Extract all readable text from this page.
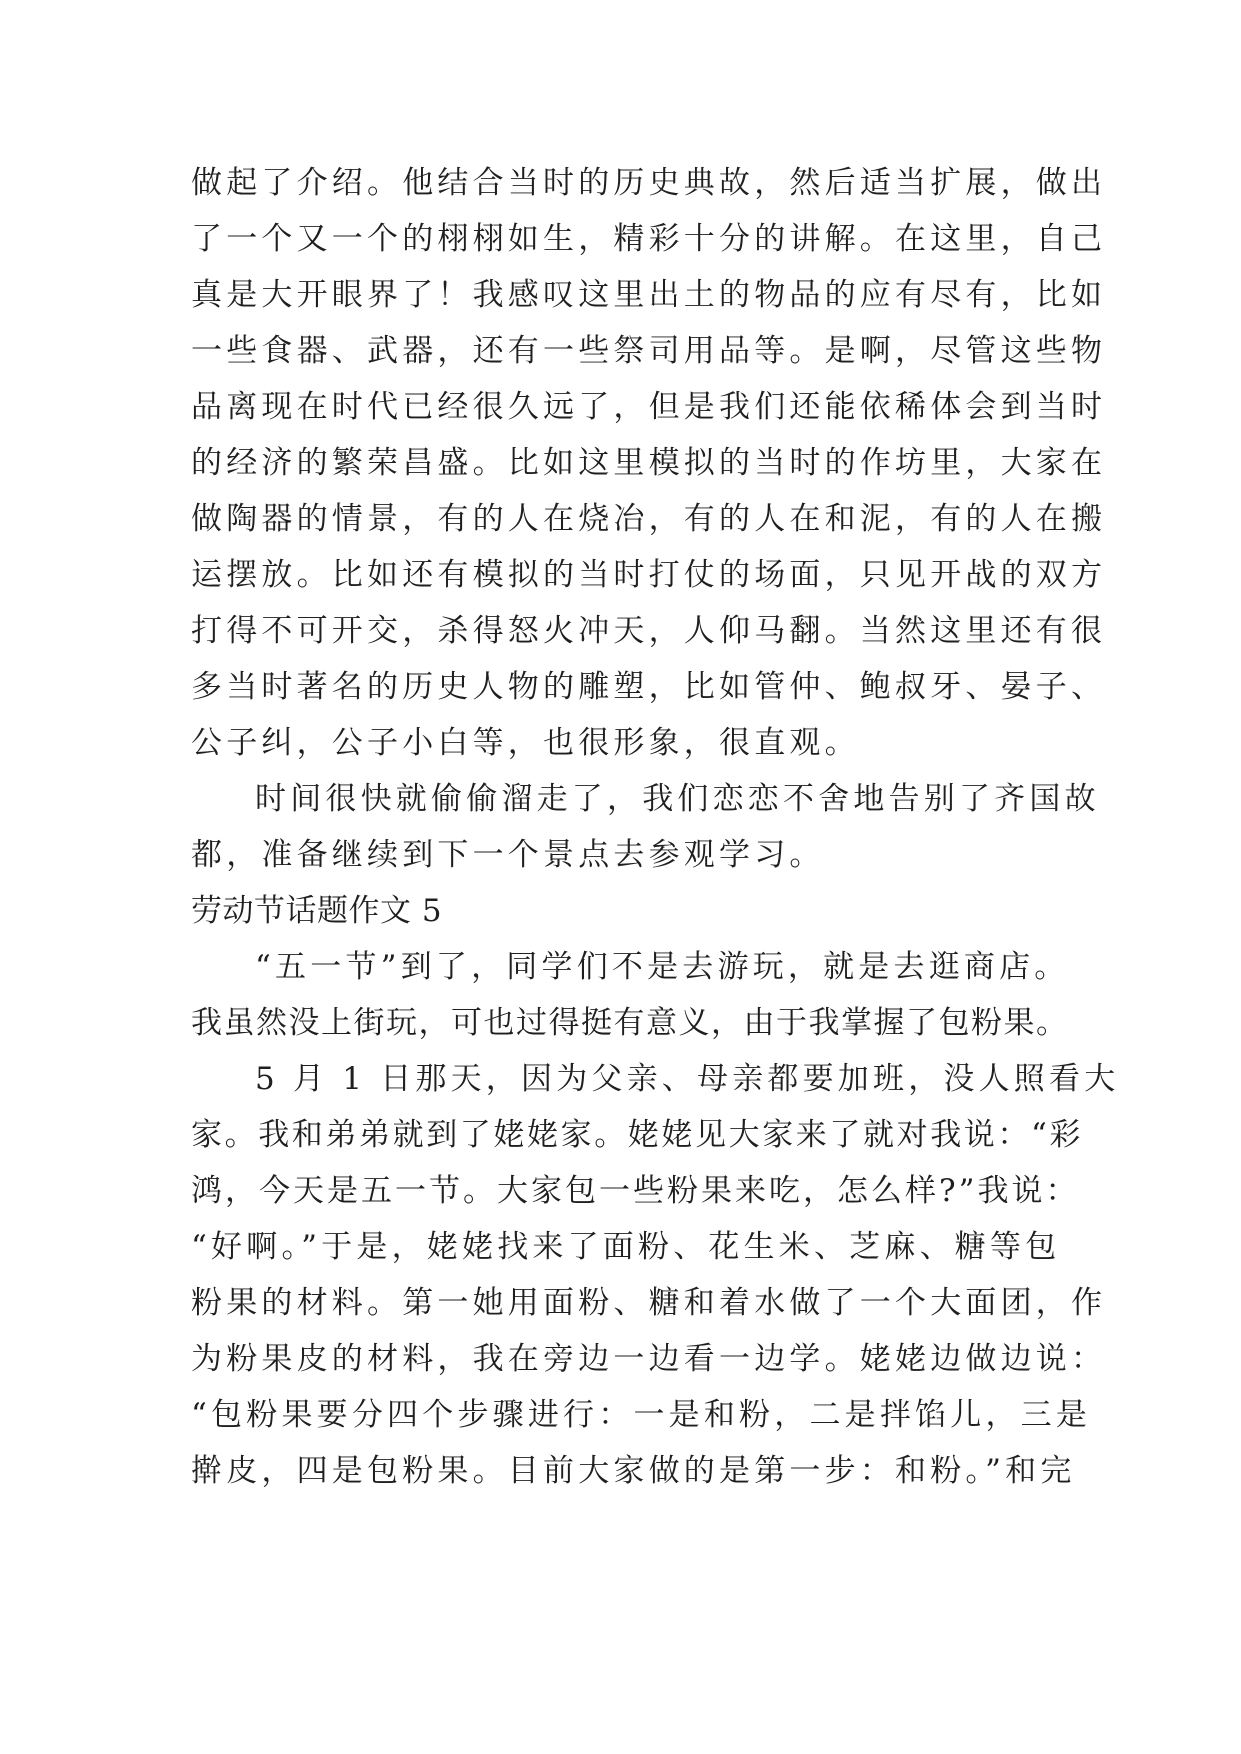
做起了介绍。他结合当时的历史典故，然后适当扩展，做出
了一个又一个的栩栩如生，精彩十分的讲解。在这里，自己
真是大开眼界了！我感叹这里出土的物品的应有尽有，比如
一些食器、武器，还有一些祭司用品等。是啊，尽管这些物
品离现在时代已经很久远了，但是我们还能依稀体会到当时
的经济的繁荣昌盛。比如这里模拟的当时的作坊里，大家在
做陶器的情景，有的人在烧冶，有的人在和泥，有的人在搬
运摆放。比如还有模拟的当时打仗的场面，只见开战的双方
打得不可开交，杀得怒火冲天，人仰马翻。当然这里还有很
多当时著名的历史人物的雕塑，比如管仲、鲍叔牙、晏子、
公子纠，公子小白等，也很形象，很直观。
时间很快就偷偷溜走了，我们恋恋不舍地告别了齐国故
都，准备继续到下一个景点去参观学习。
劳动节话题作文 5
“五一节”到了，同学们不是去游玩，就是去逛商店。
我虽然没上街玩，可也过得挺有意义，由于我掌握了包粉果。
5 月 1 日那天，因为父亲、母亲都要加班，没人照看大
家。我和弟弟就到了姥姥家。姥姥见大家来了就对我说：“彩
鸿，今天是五一节。大家包一些粉果来吃，怎么样?”我说：
“好啊。”于是，姥姥找来了面粉、花生米、芝麻、糖等包
粉果的材料。第一她用面粉、糖和着水做了一个大面团，作
为粉果皮的材料，我在旁边一边看一边学。姥姥边做边说：
“包粉果要分四个步骤进行：一是和粉，二是拌馅儿，三是
擀皮，四是包粉果。目前大家做的是第一步：和粉。”和完
